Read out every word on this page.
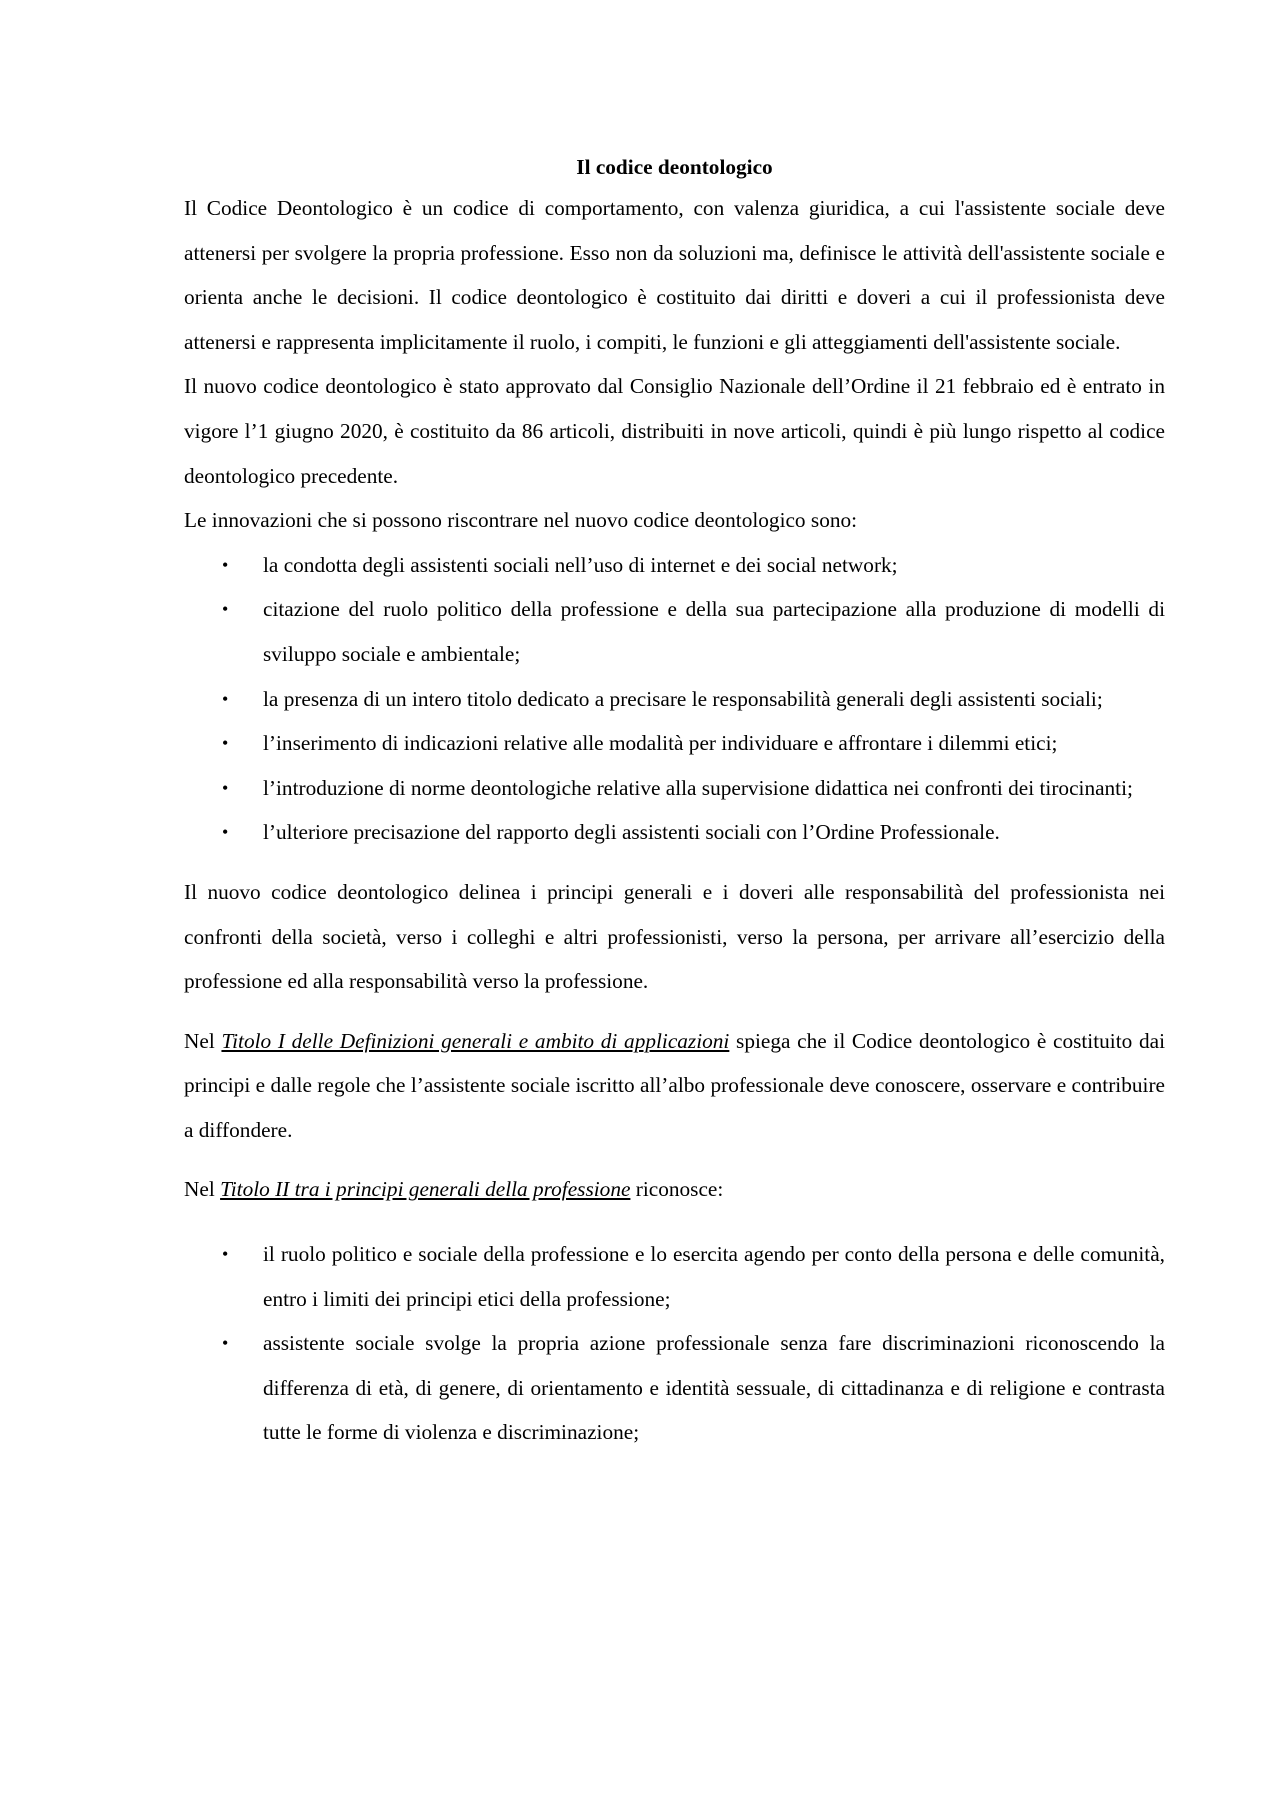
Il codice deontologico

Il Codice Deontologico è un codice di comportamento, con valenza giuridica, a cui l'assistente sociale deve attenersi per svolgere la propria professione. Esso non da soluzioni ma, definisce le attività dell'assistente sociale e orienta anche le decisioni. Il codice deontologico è costituito dai diritti e doveri a cui il professionista deve attenersi e rappresenta implicitamente il ruolo, i compiti, le funzioni e gli atteggiamenti dell'assistente sociale.

Il nuovo codice deontologico è stato approvato dal Consiglio Nazionale dell’Ordine il 21 febbraio ed è entrato in vigore l’1 giugno 2020, è costituito da 86 articoli, distribuiti in nove articoli, quindi è più lungo rispetto al codice deontologico precedente.

Le innovazioni che si possono riscontrare nel nuovo codice deontologico sono:

• la condotta degli assistenti sociali nell’uso di internet e dei social network;
• citazione del ruolo politico della professione e della sua partecipazione alla produzione di modelli di sviluppo sociale e ambientale;
• la presenza di un intero titolo dedicato a precisare le responsabilità generali degli assistenti sociali;
• l’inserimento di indicazioni relative alle modalità per individuare e affrontare i dilemmi etici;
• l’introduzione di norme deontologiche relative alla supervisione didattica nei confronti dei tirocinanti;
• l’ulteriore precisazione del rapporto degli assistenti sociali con l’Ordine Professionale.

Il nuovo codice deontologico delinea i principi generali e i doveri alle responsabilità del professionista nei confronti della società, verso i colleghi e altri professionisti, verso la persona, per arrivare all’esercizio della professione ed alla responsabilità verso la professione.

Nel Titolo I delle Definizioni generali e ambito di applicazioni spiega che il Codice deontologico è costituito dai principi e dalle regole che l’assistente sociale iscritto all’albo professionale deve conoscere, osservare e contribuire a diffondere.

Nel Titolo II tra i principi generali della professione riconosce:

• il ruolo politico e sociale della professione e lo esercita agendo per conto della persona e delle comunità, entro i limiti dei principi etici della professione;
• assistente sociale svolge la propria azione professionale senza fare discriminazioni riconoscendo la differenza di età, di genere, di orientamento e identità sessuale, di cittadinanza e di religione e contrasta tutte le forme di violenza e discriminazione;
